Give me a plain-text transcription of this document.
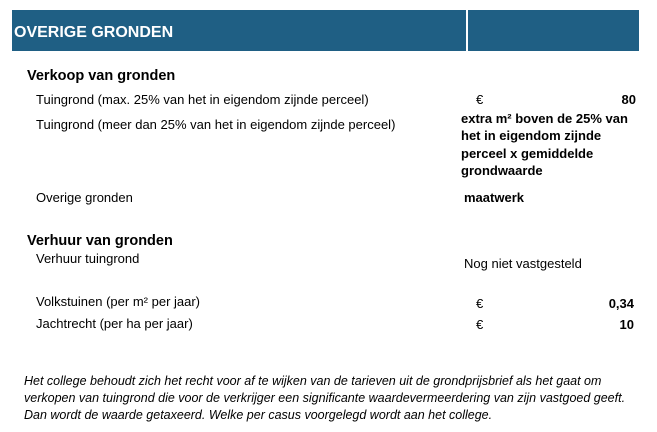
OVERIGE GRONDEN
Verkoop van gronden
Tuingrond (max. 25% van het in eigendom zijnde perceel)	€	80
Tuingrond (meer dan 25% van het in eigendom zijnde perceel)	extra m² boven de 25% van
het in eigendom zijnde
perceel x gemiddelde
grondwaarde
Overige gronden	maatwerk
Verhuur van gronden
Verhuur tuingrond	Nog niet vastgesteld
Volkstuinen (per m² per jaar)	€	0,34
Jachtrecht (per ha per jaar)	€	10
Het college behoudt zich het recht voor af te wijken van de tarieven uit de grondprijsbrief als het gaat om verkopen van tuingrond die voor de verkrijger een significante waardevermeerdering van zijn vastgoed geeft. Dan wordt de waarde getaxeerd. Welke per casus voorgelegd wordt aan het college.
